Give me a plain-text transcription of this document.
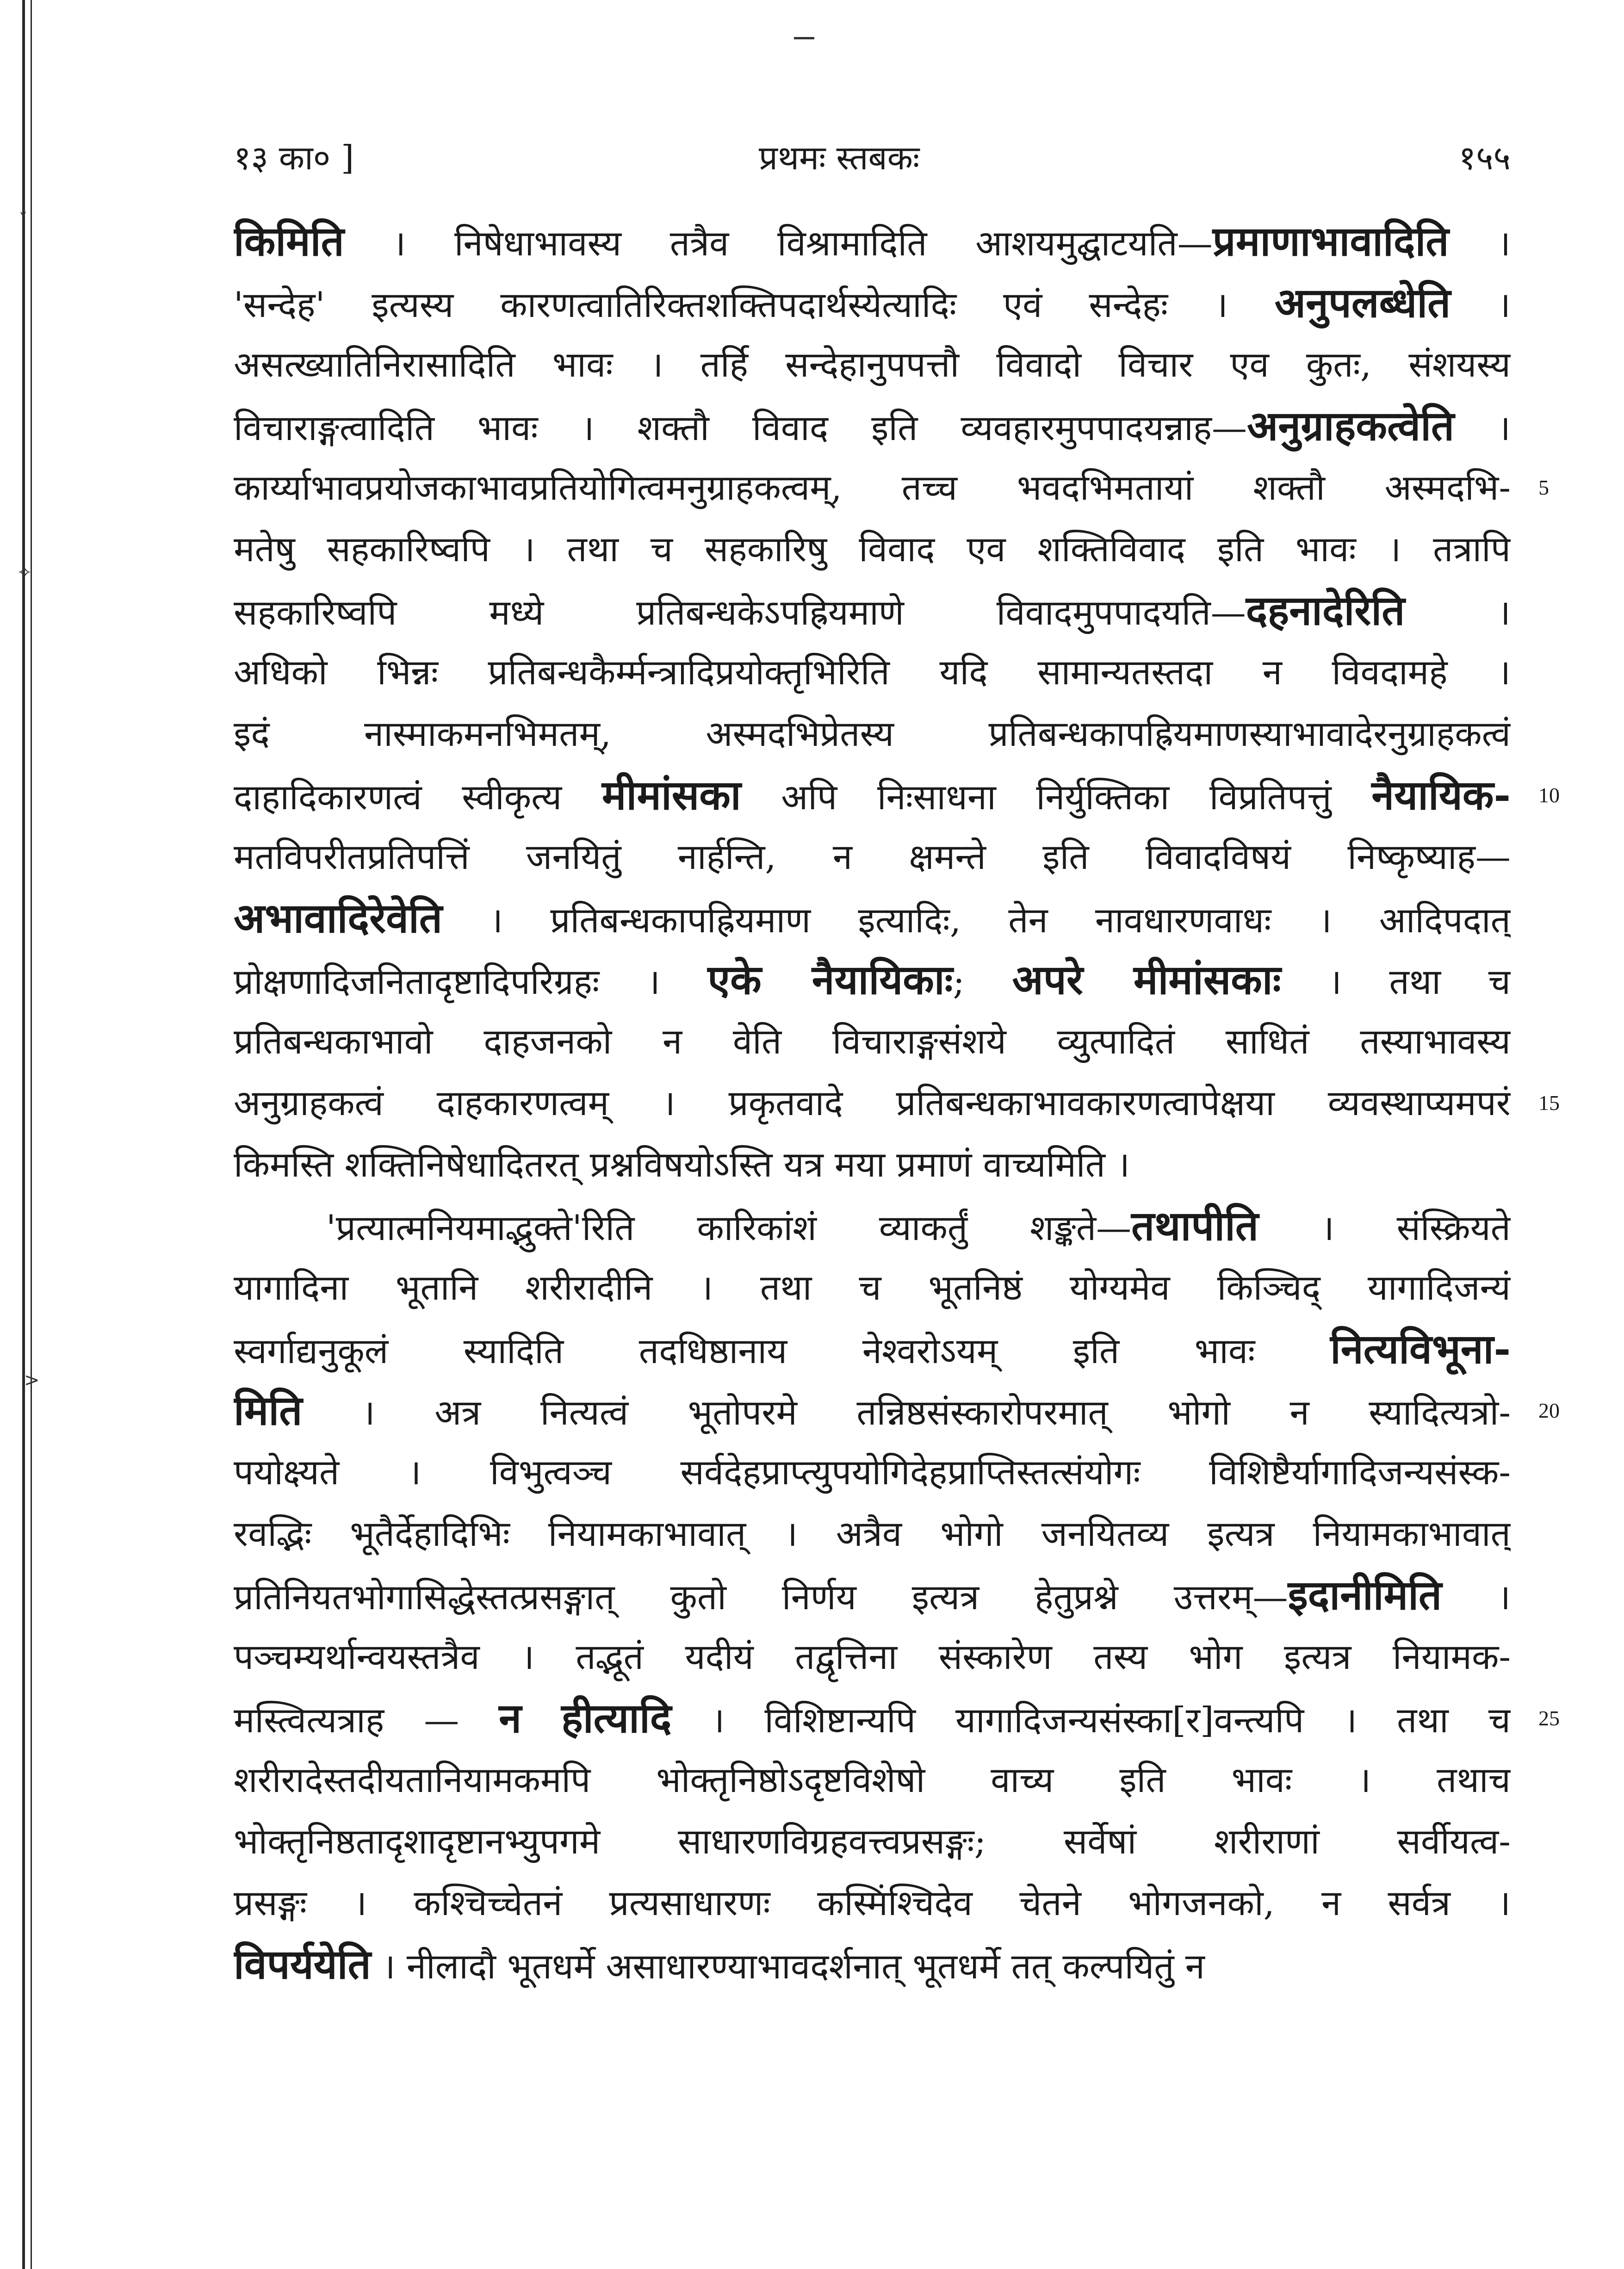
ˇ
✧
>
१३ का० ]	प्रथमः स्तबकः	१५५
किमिति । निषेधाभावस्य तत्रैव विश्रामादिति आशयमुद्घाटयति—प्रमाणाभावादिति ।
'सन्देह' इत्यस्य कारणत्वातिरिक्तशक्तिपदार्थस्येत्यादिः एवं सन्देहः । अनुपलब्धेति ।
असत्ख्यातिनिरासादिति भावः । तर्हि सन्देहानुपपत्तौ विवादो विचार एव कुतः, संशयस्य
विचाराङ्गत्वादिति भावः । शक्तौ विवाद इति व्यवहारमुपपादयन्नाह—अनुग्राहकत्वेति ।
कार्य्याभावप्रयोजकाभावप्रतियोगित्वमनुग्राहकत्वम्, तच्च भवदभिमतायां शक्तौ अस्मदभि-
मतेषु सहकारिष्वपि । तथा च सहकारिषु विवाद एव शक्तिविवाद इति भावः । तत्रापि
सहकारिष्वपि मध्ये प्रतिबन्धकेऽपह्रियमाणे विवादमुपपादयति—दहनादेरिति ।
अधिको भिन्नः प्रतिबन्धकैर्म्मन्त्रादिप्रयोक्तृभिरिति यदि सामान्यतस्तदा न विवदामहे ।
इदं नास्माकमनभिमतम्, अस्मदभिप्रेतस्य प्रतिबन्धकापह्रियमाणस्याभावादेरनुग्राहकत्वं
दाहादिकारणत्वं स्वीकृत्य मीमांसका अपि निःसाधना निर्युक्तिका विप्रतिपत्तुं नैयायिक-
मतविपरीतप्रतिपत्तिं जनयितुं नार्हन्ति, न क्षमन्ते इति विवादविषयं निष्कृष्याह—
अभावादिरेवेति । प्रतिबन्धकापह्रियमाण इत्यादिः, तेन नावधारणवाधः । आदिपदात्
प्रोक्षणादिजनितादृष्टादिपरिग्रहः । एके नैयायिकाः; अपरे मीमांसकाः । तथा च
प्रतिबन्धकाभावो दाहजनको न वेति विचाराङ्गसंशये व्युत्पादितं साधितं तस्याभावस्य
अनुग्राहकत्वं दाहकारणत्वम् । प्रकृतवादे प्रतिबन्धकाभावकारणत्वापेक्षया व्यवस्थाप्यमपरं
किमस्ति शक्तिनिषेधादितरत् प्रश्नविषयोऽस्ति यत्र मया प्रमाणं वाच्यमिति ।
'प्रत्यात्मनियमाद्भुक्ते'रिति कारिकांशं व्याकर्तुं शङ्कते—तथापीति । संस्क्रियते
यागादिना भूतानि शरीरादीनि । तथा च भूतनिष्ठं योग्यमेव किञ्चिद् यागादिजन्यं
स्वर्गाद्यनुकूलं स्यादिति तदधिष्ठानाय नेश्वरोऽयम् इति भावः नित्यविभूना-
मिति । अत्र नित्यत्वं भूतोपरमे तन्निष्ठसंस्कारोपरमात् भोगो न स्यादित्यत्रो-
पयोक्ष्यते । विभुत्वञ्च सर्वदेहप्राप्त्युपयोगिदेहप्राप्तिस्तत्संयोगः विशिष्टैर्यागादिजन्यसंस्क-
रवद्भिः भूतैर्देहादिभिः नियामकाभावात् । अत्रैव भोगो जनयितव्य इत्यत्र नियामकाभावात्
प्रतिनियतभोगासिद्धेस्तत्प्रसङ्गात् कुतो निर्णय इत्यत्र हेतुप्रश्ने उत्तरम्—इदानीमिति ।
पञ्चम्यर्थान्वयस्तत्रैव । तद्भूतं यदीयं तद्वृत्तिना संस्कारेण तस्य भोग इत्यत्र नियामक-
मस्त्वित्यत्राह — न हीत्यादि । विशिष्टान्यपि यागादिजन्यसंस्का[र]वन्त्यपि । तथा च
शरीरादेस्तदीयतानियामकमपि भोक्तृनिष्ठोऽदृष्टविशेषो वाच्य इति भावः । तथाच
भोक्तृनिष्ठतादृशादृष्टानभ्युपगमे साधारणविग्रहवत्त्वप्रसङ्गः; सर्वेषां शरीराणां सर्वीयत्व-
प्रसङ्गः । कश्चिच्चेतनं प्रत्यसाधारणः कस्मिंश्चिदेव चेतने भोगजनको, न सर्वत्र ।
विपर्ययेति । नीलादौ भूतधर्मे असाधारण्याभावदर्शनात् भूतधर्मे तत् कल्पयितुं न
5
10
15
20
25
